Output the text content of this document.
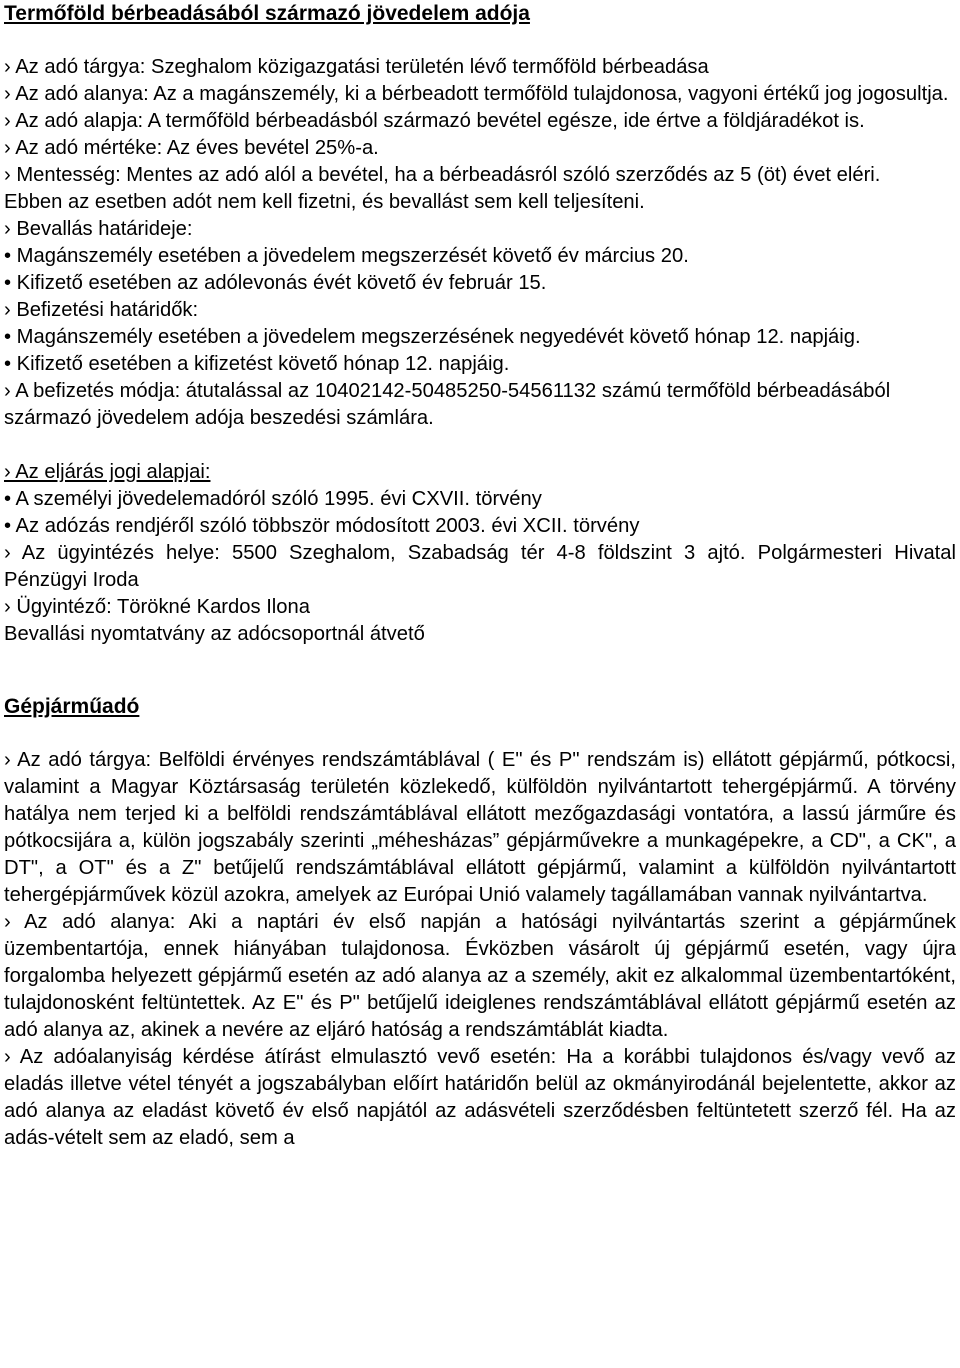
Termőföld bérbeadásából származó jövedelem adója

› Az adó tárgya: Szeghalom közigazgatási területén lévő termőföld bérbeadása

› Az adó alanya: Az a magánszemély, ki a bérbeadott termőföld tulajdonosa, vagyoni értékű jog jogosultja.

› Az adó alapja: A termőföld bérbeadásból származó bevétel egésze, ide értve a földjáradékot is.

› Az adó mértéke: Az éves bevétel 25%-a.

› Mentesség: Mentes az adó alól a bevétel, ha a bérbeadásról szóló szerződés az 5 (öt) évet eléri.

Ebben az esetben adót nem kell fizetni, és bevallást sem kell teljesíteni.

› Bevallás határideje:

• Magánszemély esetében a jövedelem megszerzését követő év március 20.

• Kifizető esetében az adólevonás évét követő év február 15.

› Befizetési határidők:

• Magánszemély esetében a jövedelem megszerzésének negyedévét követő hónap 12. napjáig.

• Kifizető esetében a kifizetést követő hónap 12. napjáig.

› A befizetés módja: átutalással az 10402142-50485250-54561132 számú termőföld bérbeadásából

származó jövedelem adója beszedési számlára.

› Az eljárás jogi alapjai:

• A személyi jövedelemadóról szóló 1995. évi CXVII. törvény

• Az adózás rendjéről szóló többször módosított 2003. évi XCII. törvény

› Az ügyintézés helye: 5500 Szeghalom, Szabadság tér 4-8 földszint 3 ajtó. Polgármesteri Hivatal Pénzügyi Iroda

› Ügyintéző: Törökné Kardos Ilona

Bevallási nyomtatvány az adócsoportnál átvető

Gépjárműadó

› Az adó tárgya: Belföldi érvényes rendszámtáblával ( E" és P" rendszám is) ellátott gépjármű, pótkocsi, valamint a Magyar Köztársaság területén közlekedő, külföldön nyilvántartott tehergépjármű. A törvény hatálya nem terjed ki a belföldi rendszámtáblával ellátott mezőgazdasági vontatóra, a lassú járműre és pótkocsijára a, külön jogszabály szerinti „méhesházas” gépjárművekre a munkagépekre, a CD", a CK", a DT", a OT" és a Z" betűjelű rendszámtáblával ellátott gépjármű, valamint a külföldön nyilvántartott tehergépjárművek közül azokra, amelyek az Európai Unió valamely tagállamában vannak nyilvántartva.

› Az adó alanya: Aki a naptári év első napján a hatósági nyilvántartás szerint a gépjárműnek üzembentartója, ennek hiányában tulajdonosa. Évközben vásárolt új gépjármű esetén, vagy újra forgalomba helyezett gépjármű esetén az adó alanya az a személy, akit ez alkalommal üzembentartóként, tulajdonosként feltüntettek. Az E" és P" betűjelű ideiglenes rendszámtáblával ellátott gépjármű esetén az adó alanya az, akinek a nevére az eljáró hatóság a rendszámtáblát kiadta.

› Az adóalanyiság kérdése átírást elmulasztó vevő esetén: Ha a korábbi tulajdonos és/vagy vevő az eladás illetve vétel tényét a jogszabályban előírt határidőn belül az okmányirodánál bejelentette, akkor az adó alanya az eladást követő év első napjától az adásvételi szerződésben feltüntetett szerző fél. Ha az adás-vételt sem az eladó, sem a
